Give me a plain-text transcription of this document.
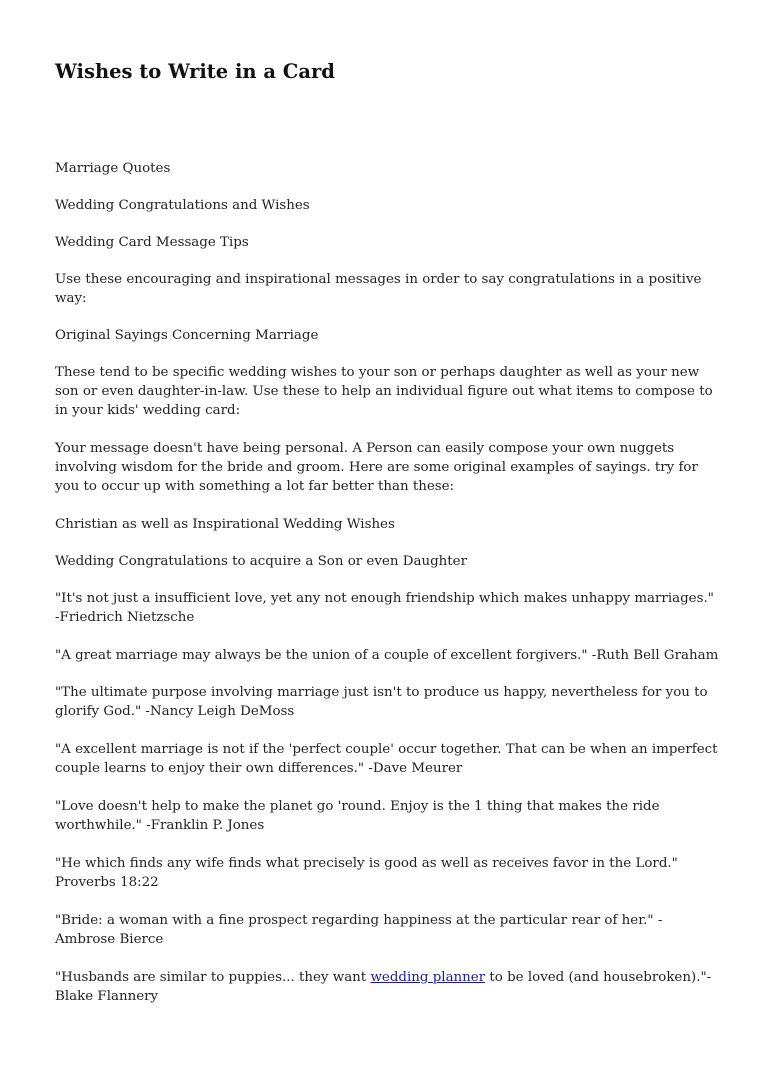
Wishes to Write in a Card

Marriage Quotes

Wedding Congratulations and Wishes

Wedding Card Message Tips

Use these encouraging and inspirational messages in order to say congratulations in a positive way:

Original Sayings Concerning Marriage

These tend to be specific wedding wishes to your son or perhaps daughter as well as your new son or even daughter-in-law. Use these to help an individual figure out what items to compose to in your kids' wedding card:

Your message doesn't have being personal. A Person can easily compose your own nuggets involving wisdom for the bride and groom. Here are some original examples of sayings. try for you to occur up with something a lot far better than these:

Christian as well as Inspirational Wedding Wishes

Wedding Congratulations to acquire a Son or even Daughter

"It's not just a insufficient love, yet any not enough friendship which makes unhappy marriages." -Friedrich Nietzsche

"A great marriage may always be the union of a couple of excellent forgivers." -Ruth Bell Graham

"The ultimate purpose involving marriage just isn't to produce us happy, nevertheless for you to glorify God." -Nancy Leigh DeMoss

"A excellent marriage is not if the 'perfect couple' occur together. That can be when an imperfect couple learns to enjoy their own differences." -Dave Meurer

"Love doesn't help to make the planet go 'round. Enjoy is the 1 thing that makes the ride worthwhile." -Franklin P. Jones

"He which finds any wife finds what precisely is good as well as receives favor in the Lord." Proverbs 18:22

"Bride: a woman with a fine prospect regarding happiness at the particular rear of her." -Ambrose Bierce

"Husbands are similar to puppies... they want wedding planner to be loved (and housebroken)."-Blake Flannery
